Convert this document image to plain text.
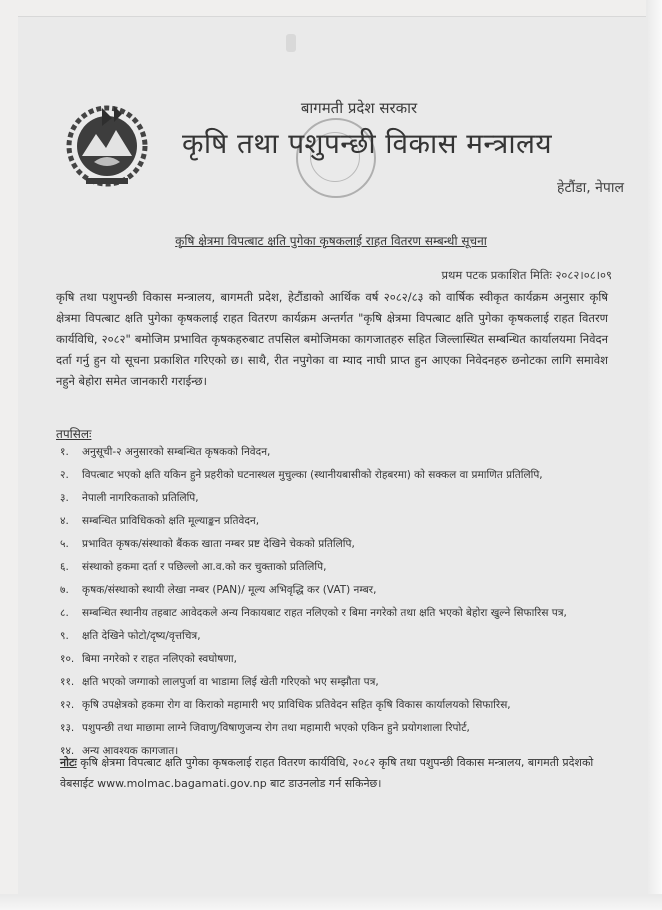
बागमती प्रदेश सरकार
कृषि तथा पशुपन्छी विकास मन्त्रालय
हेटौंडा, नेपाल
कृषि क्षेत्रमा विपत्बाट क्षति पुगेका कृषकलाई राहत वितरण सम्बन्धी सूचना
प्रथम पटक प्रकाशित मितिः २०८२।०८।०९
कृषि तथा पशुपन्छी विकास मन्त्रालय, बागमती प्रदेश, हेटौंडाको आर्थिक वर्ष २०८२/८३ को वार्षिक स्वीकृत कार्यक्रम अनुसार कृषि क्षेत्रमा विपत्बाट क्षति पुगेका कृषकलाई राहत वितरण कार्यक्रम अन्तर्गत "कृषि क्षेत्रमा विपत्बाट क्षति पुगेका कृषकलाई राहत वितरण कार्यविधि, २०८२" बमोजिम प्रभावित कृषकहरुबाट तपसिल बमोजिमका कागजातहरु सहित जिल्लास्थित सम्बन्धित कार्यालयमा निवेदन दर्ता गर्नु हुन यो सूचना प्रकाशित गरिएको छ। साथै, रीत नपुगेका वा म्याद नाघी प्राप्त हुन आएका निवेदनहरु छनोटका लागि समावेश नहुने बेहोरा समेत जानकारी गराईन्छ।
तपसिलः
१.	अनुसूची-२ अनुसारको सम्बन्धित कृषकको निवेदन,
२.	विपत्बाट भएको क्षति यकिन हुने प्रहरीको घटनास्थल मुचुल्का (स्थानीयबासीको रोहबरमा) को सक्कल वा प्रमाणित प्रतिलिपि,
३.	नेपाली नागरिकताको प्रतिलिपि,
४.	सम्बन्धित प्राविधिकको क्षति मूल्याङ्कन प्रतिवेदन,
५.	प्रभावित कृषक/संस्थाको बैंकक खाता नम्बर प्रष्ट देखिने चेकको प्रतिलिपि,
६.	संस्थाको हकमा दर्ता र पछिल्लो आ.व.को कर चुक्ताको प्रतिलिपि,
७.	कृषक/संस्थाको स्थायी लेखा नम्बर (PAN)/ मूल्य अभिवृद्धि कर (VAT) नम्बर,
८.	सम्बन्धित स्थानीय तहबाट आवेदकले अन्य निकायबाट राहत नलिएको र बिमा नगरेको तथा क्षति भएको बेहोरा खुल्ने सिफारिस पत्र,
९.	क्षति देखिने फोटो/दृष्य/वृत्तचित्र,
१०. बिमा नगरेको र राहत नलिएको स्वघोषणा,
११. क्षति भएको जग्गाको लालपुर्जा वा भाडामा लिई खेती गरिएको भए सम्झौता पत्र,
१२. कृषि उपक्षेत्रको हकमा रोग वा किराको महामारी भए प्राविधिक प्रतिवेदन सहित कृषि विकास कार्यालयको सिफारिस,
१३. पशुपन्छी तथा माछामा लाग्ने जिवाणु/विषाणुजन्य रोग तथा महामारी भएको एकिन हुने प्रयोगशाला रिपोर्ट,
१४. अन्य आवश्यक कागजात।
नोटः कृषि क्षेत्रमा विपत्बाट क्षति पुगेका कृषकलाई राहत वितरण कार्यविधि, २०८२ कृषि तथा पशुपन्छी विकास मन्त्रालय, बागमती प्रदेशको वेबसाईट www.molmac.bagamati.gov.np बाट डाउनलोड गर्न सकिनेछ।
